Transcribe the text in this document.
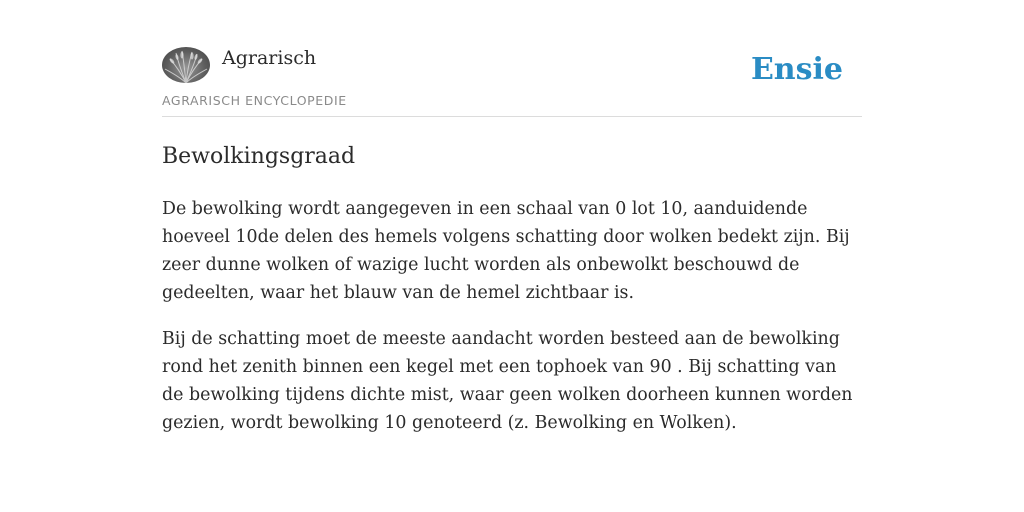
Agrarisch
AGRARISCH ENCYCLOPEDIE
Ensie
Bewolkingsgraad

De bewolking wordt aangegeven in een schaal van 0 lot 10, aanduidende hoeveel 10de delen des hemels volgens schatting door wolken bedekt zijn. Bij zeer dunne wolken of wazige lucht worden als onbewolkt beschouwd de gedeelten, waar het blauw van de hemel zichtbaar is.

Bij de schatting moet de meeste aandacht worden besteed aan de bewolking rond het zenith binnen een kegel met een tophoek van 90 . Bij schatting van de bewolking tijdens dichte mist, waar geen wolken doorheen kunnen worden gezien, wordt bewolking 10 genoteerd (z. Bewolking en Wolken).
